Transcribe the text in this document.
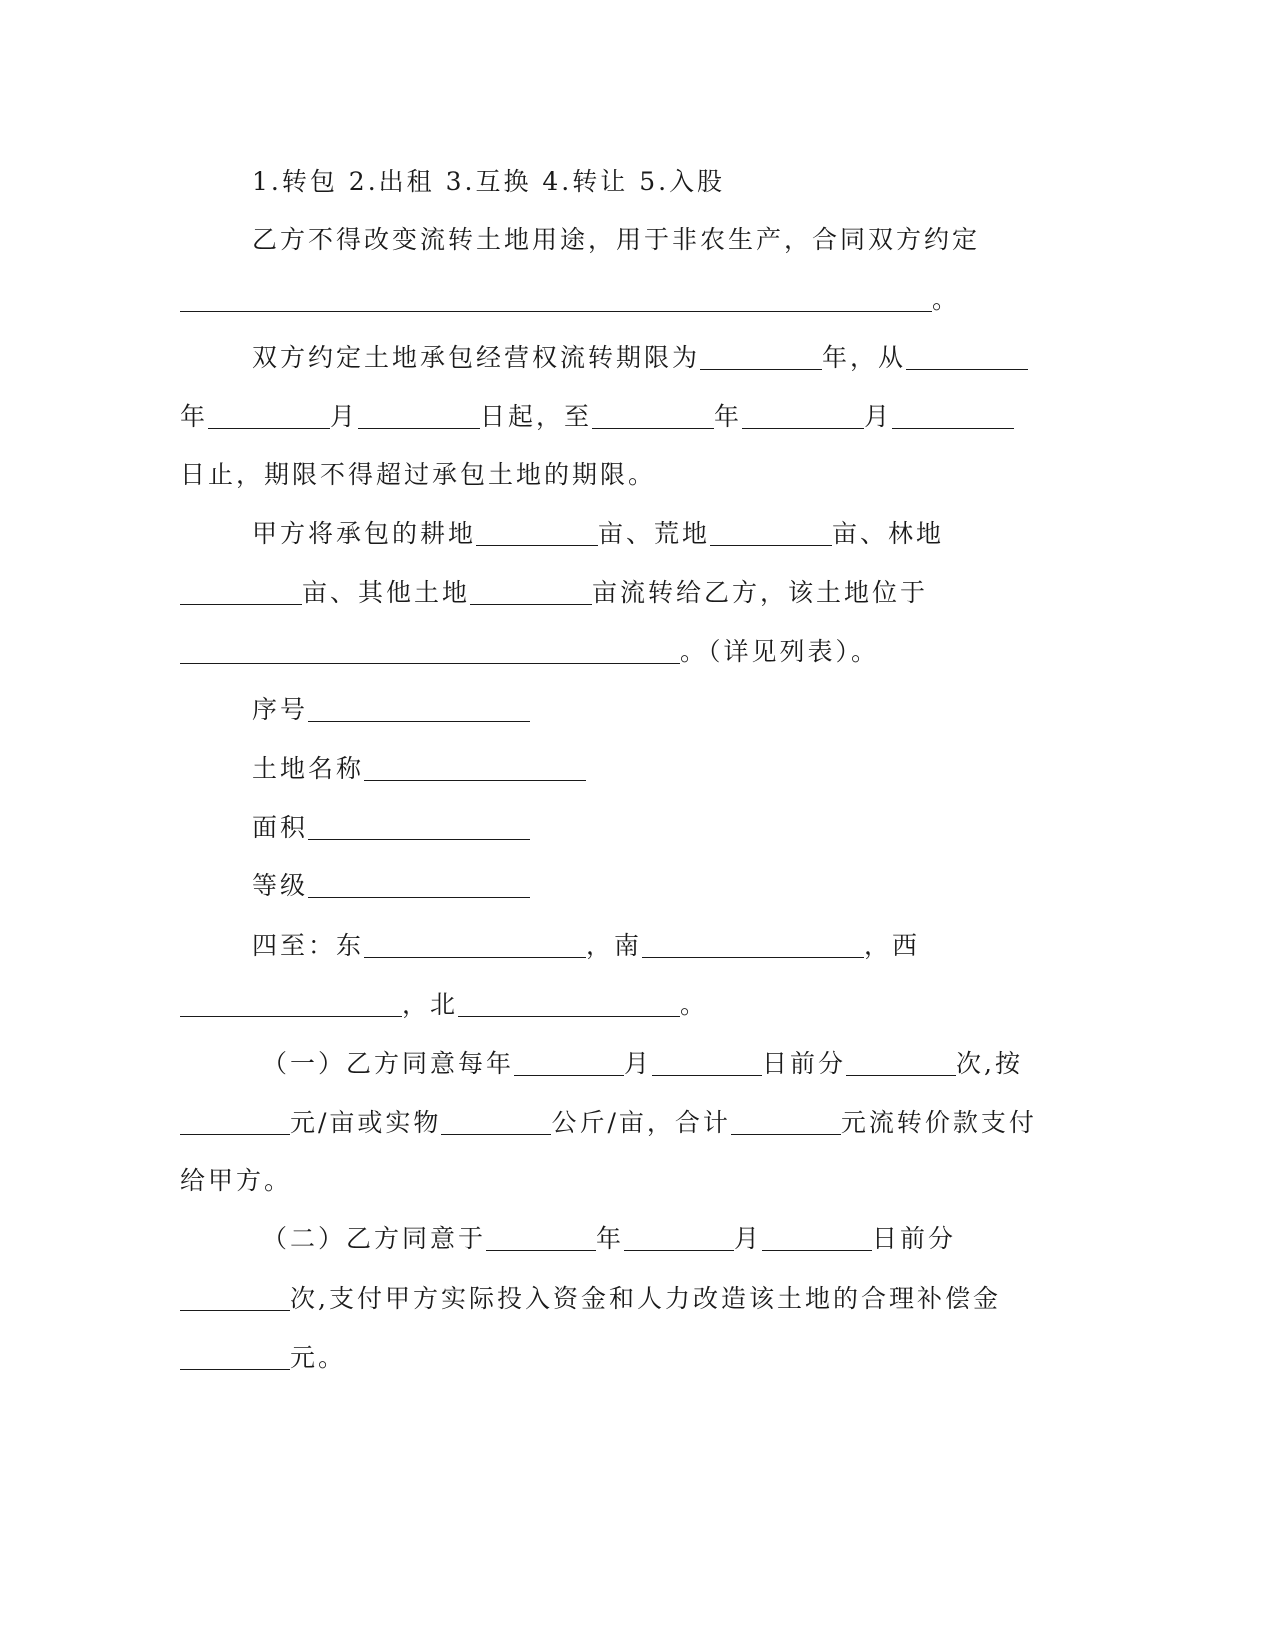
1.转包 2.出租 3.互换 4.转让 5.入股
乙方不得改变流转土地用途，用于非农生产，合同双方约定
。
双方约定土地承包经营权流转期限为	年，从
年	月	日起，至	年	月
日止，期限不得超过承包土地的期限。
甲方将承包的耕地	亩、荒地	亩、林地
亩、其他土地	亩流转给乙方，该土地位于
。（详见列表）。
序号
土地名称
面积
等级
四至：东	，南	，西
，北	。
（一）乙方同意每年	月	日前分	次,按
元/亩或实物	公斤/亩，合计	元流转价款支付
给甲方。
（二）乙方同意于	年	月	日前分
次,支付甲方实际投入资金和人力改造该土地的合理补偿金
元。
